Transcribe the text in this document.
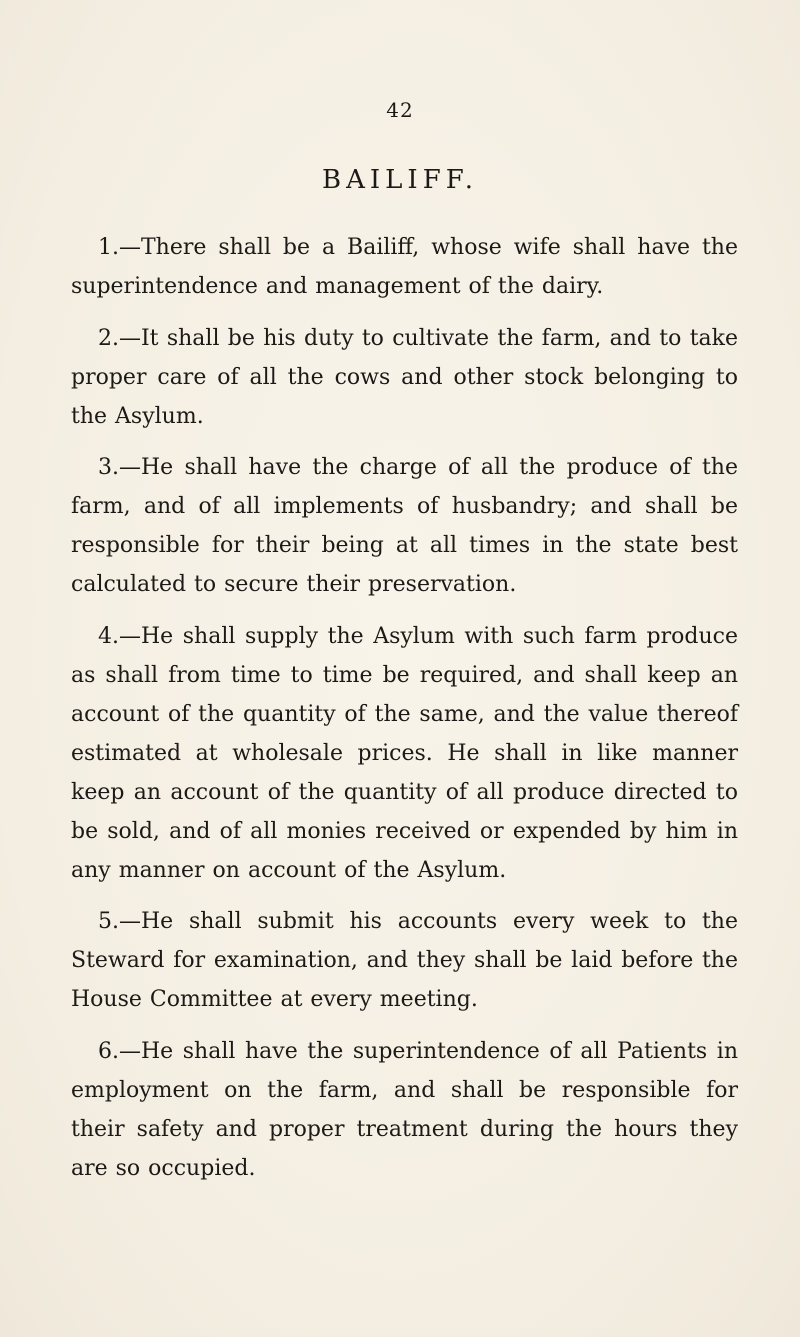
42
BAILIFF.

1.—There shall be a Bailiff, whose wife shall have the superintendence and management of the dairy.

2.—It shall be his duty to cultivate the farm, and to take proper care of all the cows and other stock belonging to the Asylum.

3.—He shall have the charge of all the produce of the farm, and of all implements of husbandry; and shall be responsible for their being at all times in the state best calculated to secure their preservation.

4.—He shall supply the Asylum with such farm produce as shall from time to time be required, and shall keep an account of the quantity of the same, and the value thereof estimated at wholesale prices. He shall in like manner keep an account of the quantity of all produce directed to be sold, and of all monies received or expended by him in any manner on account of the Asylum.

5.—He shall submit his accounts every week to the Steward for examination, and they shall be laid before the House Committee at every meeting.

6.—He shall have the superintendence of all Patients in employment on the farm, and shall be responsible for their safety and proper treatment during the hours they are so occupied.
